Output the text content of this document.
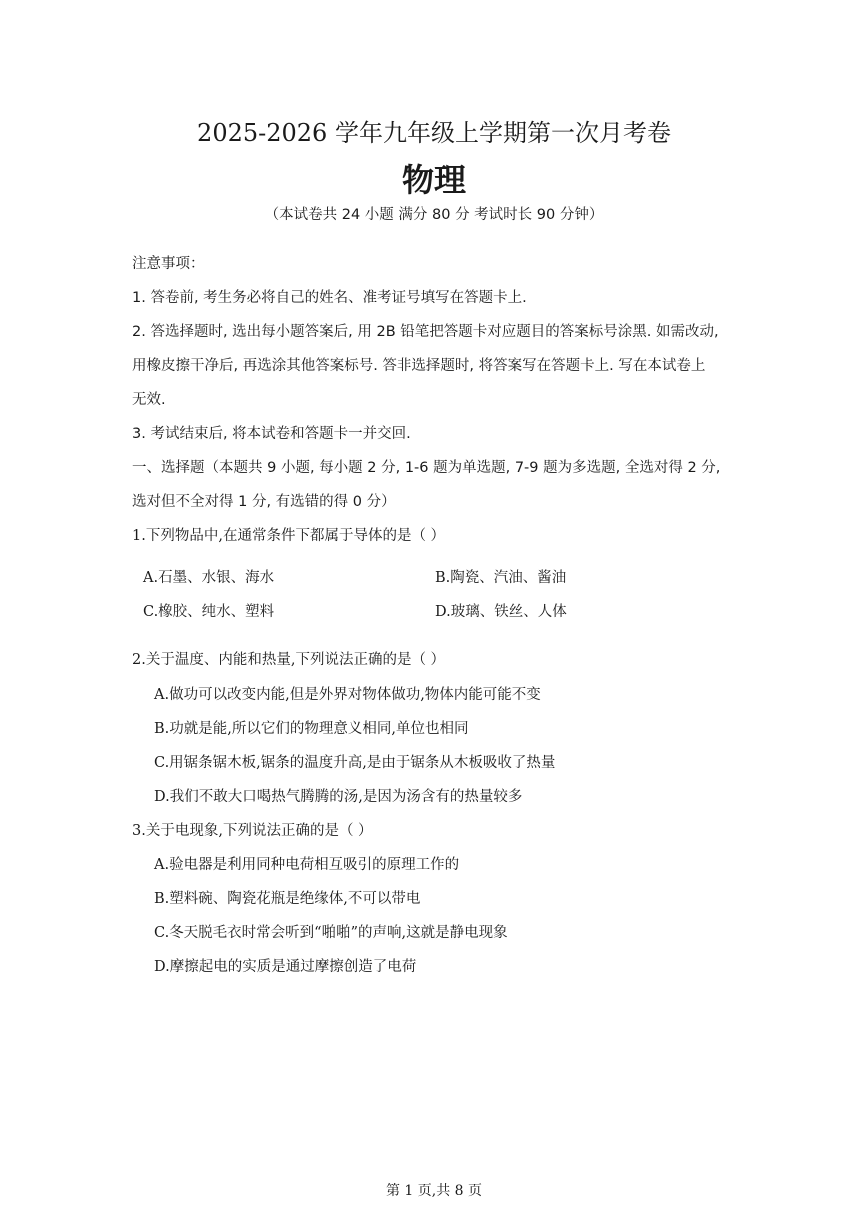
2025-2026 学年九年级上学期第一次月考卷
物理
（本试卷共 24 小题 满分 80 分 考试时长 90 分钟）
注意事项：
1. 答卷前, 考生务必将自己的姓名、准考证号填写在答题卡上.
2. 答选择题时, 选出每小题答案后, 用 2B 铅笔把答题卡对应题目的答案标号涂黑. 如需改动,
用橡皮擦干净后, 再选涂其他答案标号. 答非选择题时, 将答案写在答题卡上. 写在本试卷上
无效.
3. 考试结束后, 将本试卷和答题卡一并交回.
一、选择题（本题共 9 小题, 每小题 2 分, 1-6 题为单选题, 7-9 题为多选题, 全选对得 2 分,
选对但不全对得 1 分, 有选错的得 0 分）
1.下列物品中,在通常条件下都属于导体的是（ ）
A.石墨、水银、海水	B.陶瓷、汽油、酱油
C.橡胶、纯水、塑料	D.玻璃、铁丝、人体
2.关于温度、内能和热量,下列说法正确的是（ ）
A.做功可以改变内能,但是外界对物体做功,物体内能可能不变
B.功就是能,所以它们的物理意义相同,单位也相同
C.用锯条锯木板,锯条的温度升高,是由于锯条从木板吸收了热量
D.我们不敢大口喝热气腾腾的汤,是因为汤含有的热量较多
3.关于电现象,下列说法正确的是（ ）
A.验电器是利用同种电荷相互吸引的原理工作的
B.塑料碗、陶瓷花瓶是绝缘体,不可以带电
C.冬天脱毛衣时常会听到“啪啪”的声响,这就是静电现象
D.摩擦起电的实质是通过摩擦创造了电荷
第 1 页,共 8 页
